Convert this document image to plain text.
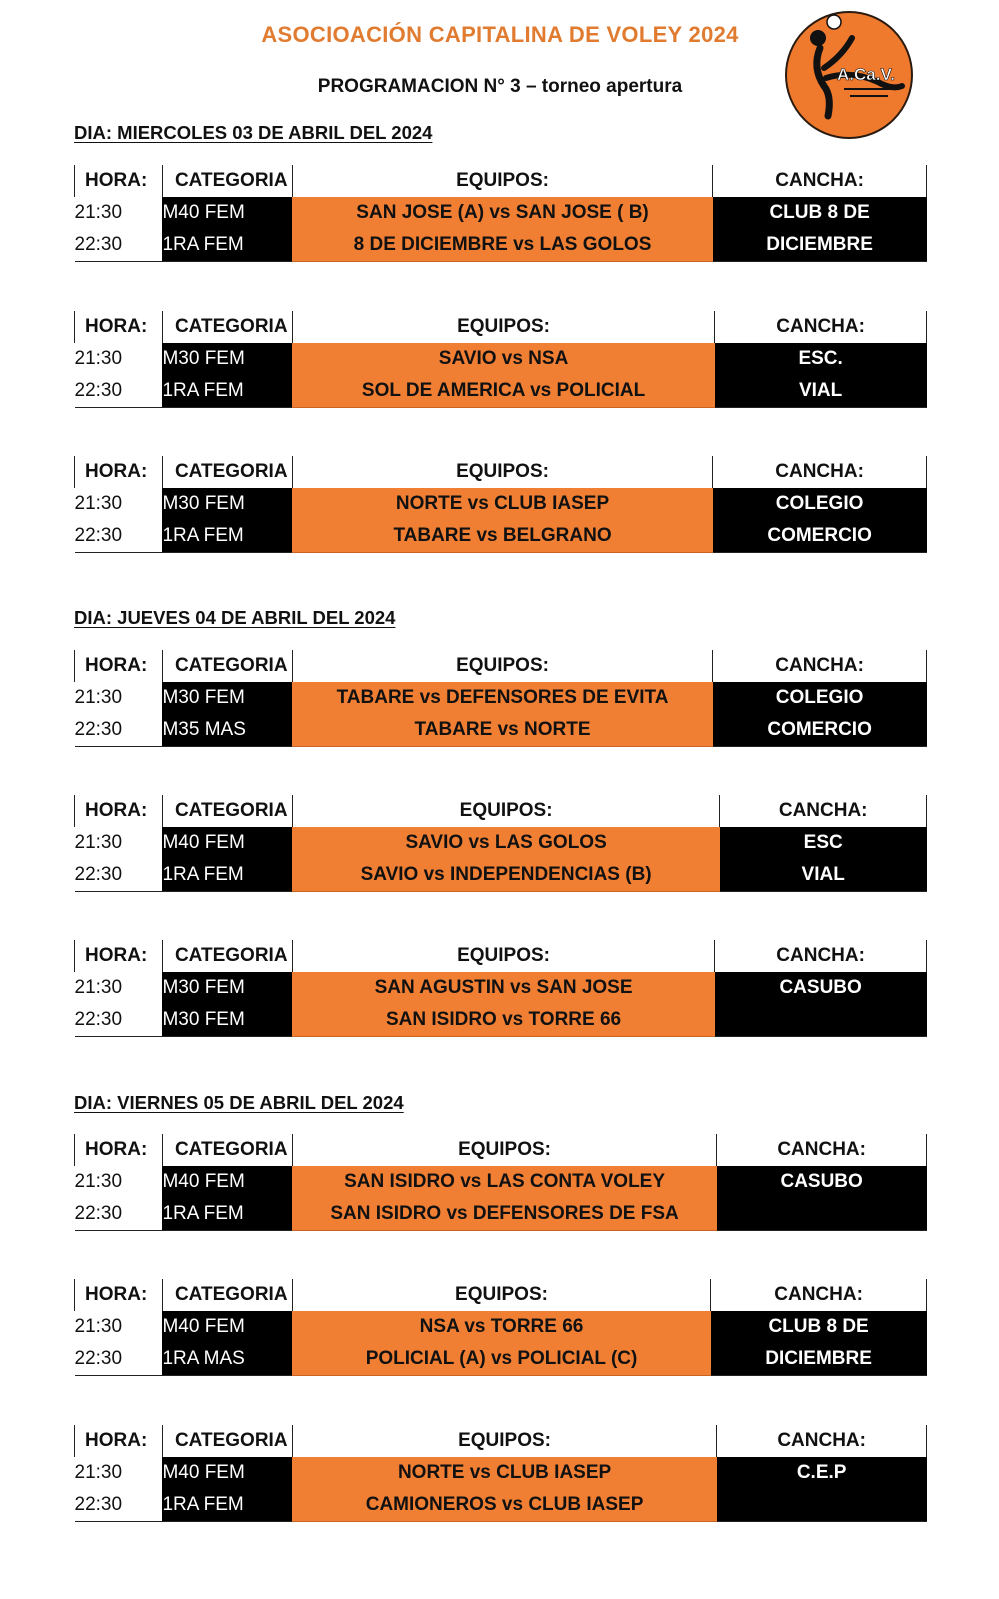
ASOCIOACIÓN CAPITALINA DE VOLEY 2024
PROGRAMACION N° 3 – torneo apertura
A.Ca.V.
DIA: MIERCOLES 03 DE ABRIL DEL 2024
HORA:	CATEGORIA	EQUIPOS:	CANCHA:
21:30	M40 FEM	SAN JOSE (A) vs SAN JOSE ( B)	CLUB 8 DE
22:30	1RA FEM	8 DE DICIEMBRE vs LAS GOLOS	DICIEMBRE
HORA:	CATEGORIA	EQUIPOS:	CANCHA:
21:30	M30 FEM	SAVIO vs NSA	ESC.
22:30	1RA FEM	SOL DE AMERICA vs POLICIAL	VIAL
HORA:	CATEGORIA	EQUIPOS:	CANCHA:
21:30	M30 FEM	NORTE vs CLUB IASEP	COLEGIO
22:30	1RA FEM	TABARE vs BELGRANO	COMERCIO
DIA: JUEVES 04 DE ABRIL DEL 2024
HORA:	CATEGORIA	EQUIPOS:	CANCHA:
21:30	M30 FEM	TABARE vs DEFENSORES DE EVITA	COLEGIO
22:30	M35 MAS	TABARE vs NORTE	COMERCIO
HORA:	CATEGORIA	EQUIPOS:	CANCHA:
21:30	M40 FEM	SAVIO vs LAS GOLOS	ESC
22:30	1RA FEM	SAVIO vs INDEPENDENCIAS (B)	VIAL
HORA:	CATEGORIA	EQUIPOS:	CANCHA:
21:30	M30 FEM	SAN AGUSTIN vs SAN JOSE	CASUBO
22:30	M30 FEM	SAN ISIDRO vs TORRE 66	
DIA: VIERNES 05 DE ABRIL DEL 2024
HORA:	CATEGORIA	EQUIPOS:	CANCHA:
21:30	M40 FEM	SAN ISIDRO vs LAS CONTA VOLEY	CASUBO
22:30	1RA FEM	SAN ISIDRO vs DEFENSORES DE FSA	
HORA:	CATEGORIA	EQUIPOS:	CANCHA:
21:30	M40 FEM	NSA vs TORRE 66	CLUB 8 DE
22:30	1RA MAS	POLICIAL (A) vs POLICIAL (C)	DICIEMBRE
HORA:	CATEGORIA	EQUIPOS:	CANCHA:
21:30	M40 FEM	NORTE vs CLUB IASEP	C.E.P
22:30	1RA FEM	CAMIONEROS vs CLUB IASEP	
